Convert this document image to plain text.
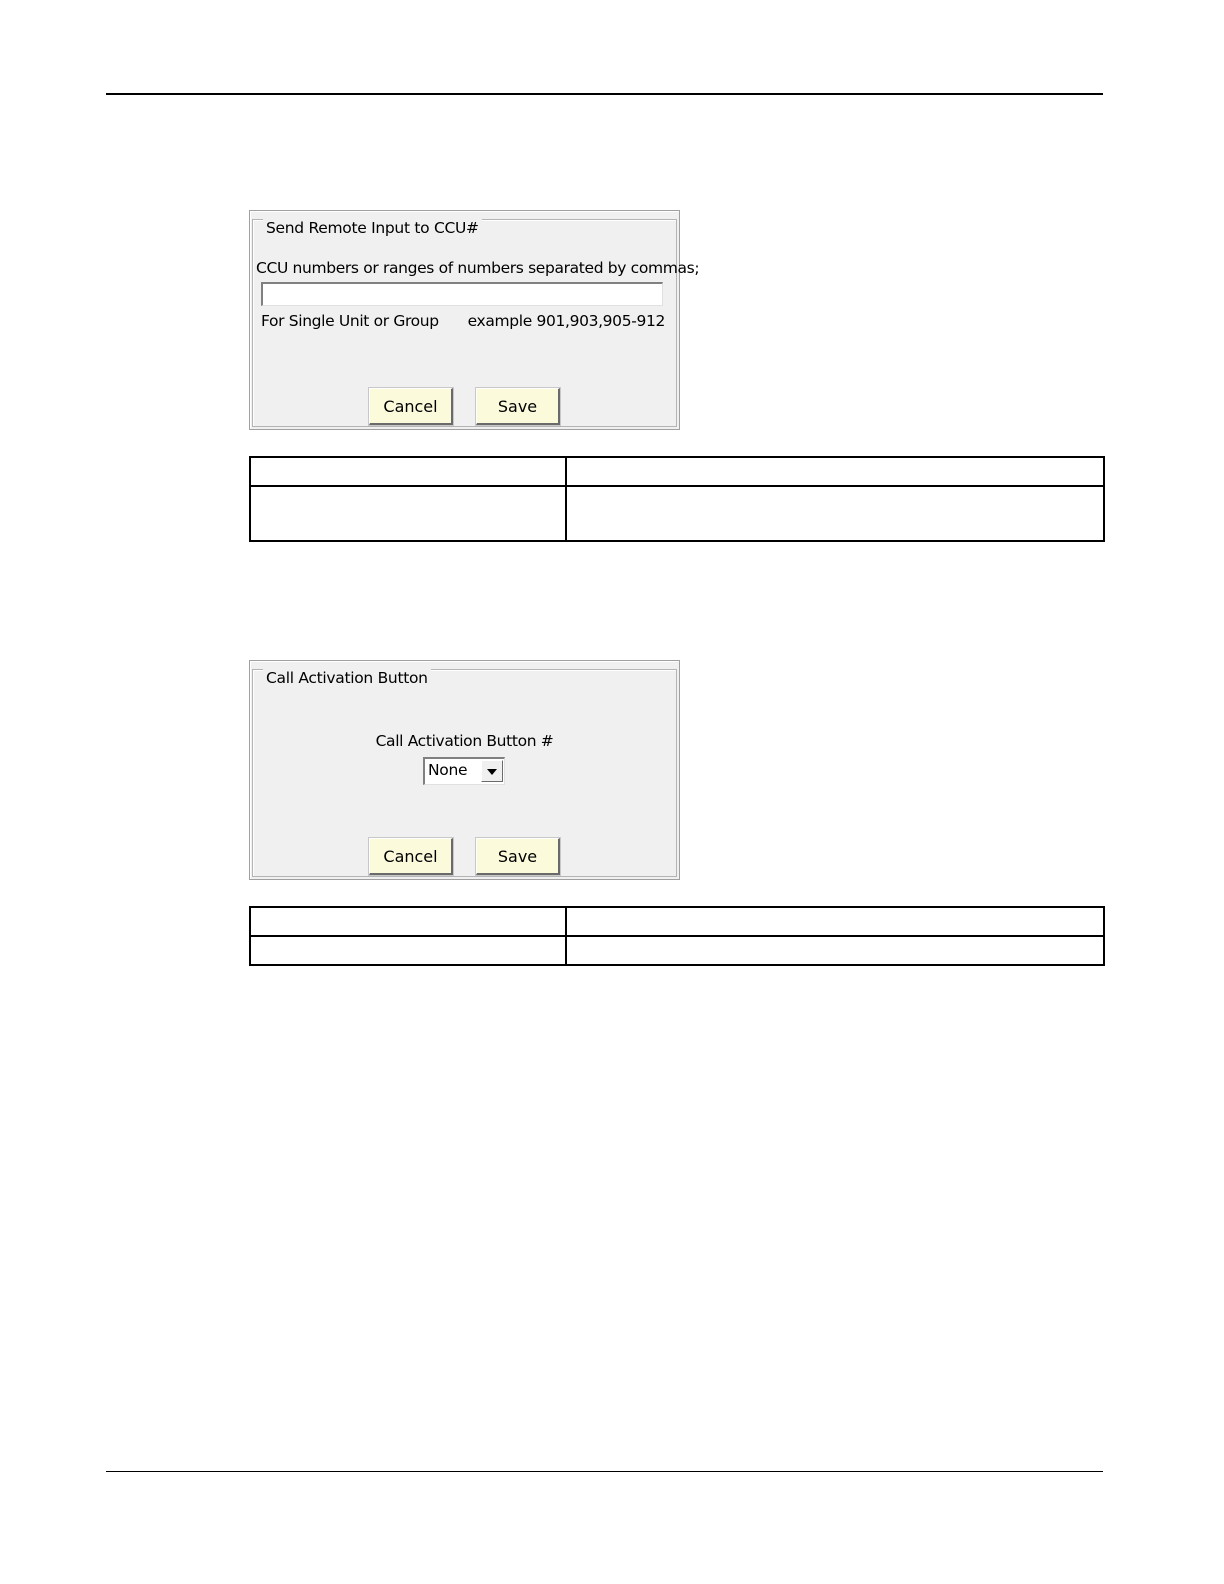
Send Remote Input to CCU#
CCU numbers or ranges of numbers separated by commas;
For Single Unit or Group example 901,903,905-912
Cancel	Save

Call Activation Button
Call Activation Button #
None
Cancel	Save
